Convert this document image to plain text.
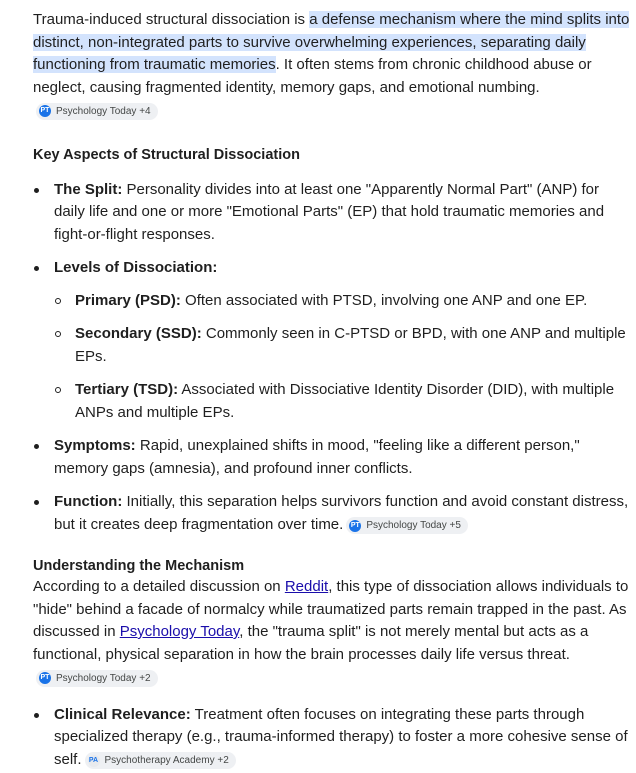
Trauma-induced structural dissociation is a defense mechanism where the mind splits into distinct, non-integrated parts to survive overwhelming experiences, separating daily functioning from traumatic memories. It often stems from chronic childhood abuse or neglect, causing fragmented identity, memory gaps, and emotional numbing.
PT Psychology Today +4

Key Aspects of Structural Dissociation
The Split: Personality divides into at least one "Apparently Normal Part" (ANP) for daily life and one or more "Emotional Parts" (EP) that hold traumatic memories and fight-or-flight responses.
Levels of Dissociation:
Primary (PSD): Often associated with PTSD, involving one ANP and one EP.
Secondary (SSD): Commonly seen in C-PTSD or BPD, with one ANP and multiple EPs.
Tertiary (TSD): Associated with Dissociative Identity Disorder (DID), with multiple ANPs and multiple EPs.
Symptoms: Rapid, unexplained shifts in mood, "feeling like a different person," memory gaps (amnesia), and profound inner conflicts.
Function: Initially, this separation helps survivors function and avoid constant distress, but it creates deep fragmentation over time. PT Psychology Today +5
Understanding the Mechanism

According to a detailed discussion on Reddit, this type of dissociation allows individuals to "hide" behind a facade of normalcy while traumatized parts remain trapped in the past. As discussed in Psychology Today, the "trauma split" is not merely mental but acts as a functional, physical separation in how the brain processes daily life versus threat.
PT Psychology Today +2

Clinical Relevance: Treatment often focuses on integrating these parts through specialized therapy (e.g., trauma-informed therapy) to foster a more cohesive sense of self. PA Psychotherapy Academy +2
